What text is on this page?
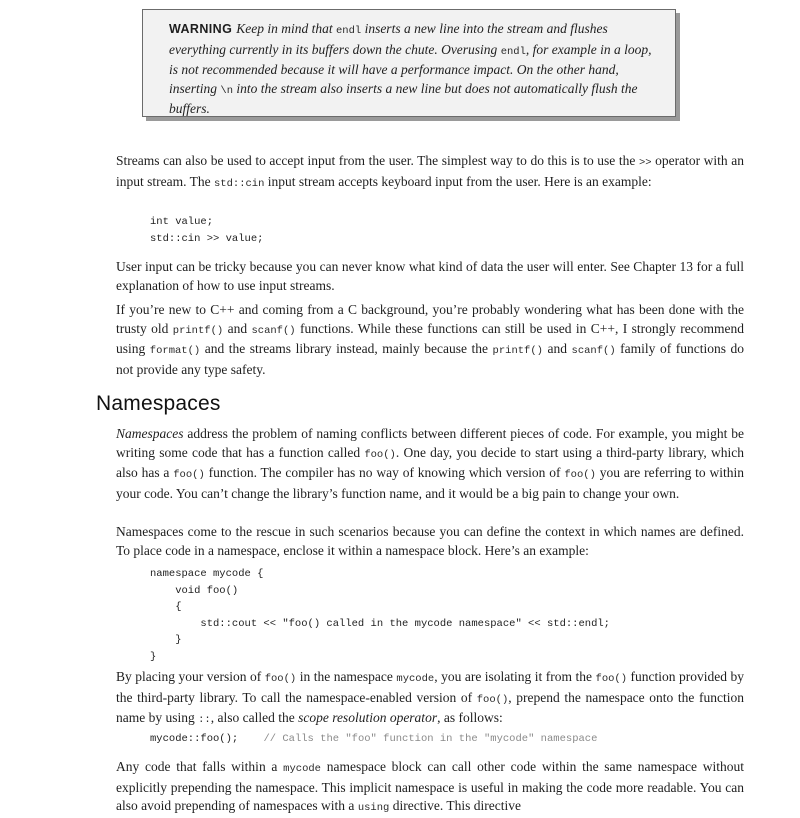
WARNING Keep in mind that endl inserts a new line into the stream and flushes everything currently in its buffers down the chute. Overusing endl, for example in a loop, is not recommended because it will have a performance impact. On the other hand, inserting \n into the stream also inserts a new line but does not automatically flush the buffers.

Streams can also be used to accept input from the user. The simplest way to do this is to use the >> operator with an input stream. The std::cin input stream accepts keyboard input from the user. Here is an example:

int value;
std::cin >> value;

User input can be tricky because you can never know what kind of data the user will enter. See Chapter 13 for a full explanation of how to use input streams.

If you’re new to C++ and coming from a C background, you’re probably wondering what has been done with the trusty old printf() and scanf() functions. While these functions can still be used in C++, I strongly recommend using format() and the streams library instead, mainly because the printf() and scanf() family of functions do not provide any type safety.

Namespaces

Namespaces address the problem of naming conflicts between different pieces of code. For example, you might be writing some code that has a function called foo(). One day, you decide to start using a third-party library, which also has a foo() function. The compiler has no way of knowing which version of foo() you are referring to within your code. You can’t change the library’s function name, and it would be a big pain to change your own.

Namespaces come to the rescue in such scenarios because you can define the context in which names are defined. To place code in a namespace, enclose it within a namespace block. Here’s an example:

namespace mycode {
void foo()
{
std::cout << "foo() called in the mycode namespace" << std::endl;
}
}

By placing your version of foo() in the namespace mycode, you are isolating it from the foo() function provided by the third-party library. To call the namespace-enabled version of foo(), prepend the namespace onto the function name by using ::, also called the scope resolution operator, as follows:

mycode::foo(); // Calls the "foo" function in the "mycode" namespace

Any code that falls within a mycode namespace block can call other code within the same namespace without explicitly prepending the namespace. This implicit namespace is useful in making the code more readable. You can also avoid prepending of namespaces with a using directive. This directive
